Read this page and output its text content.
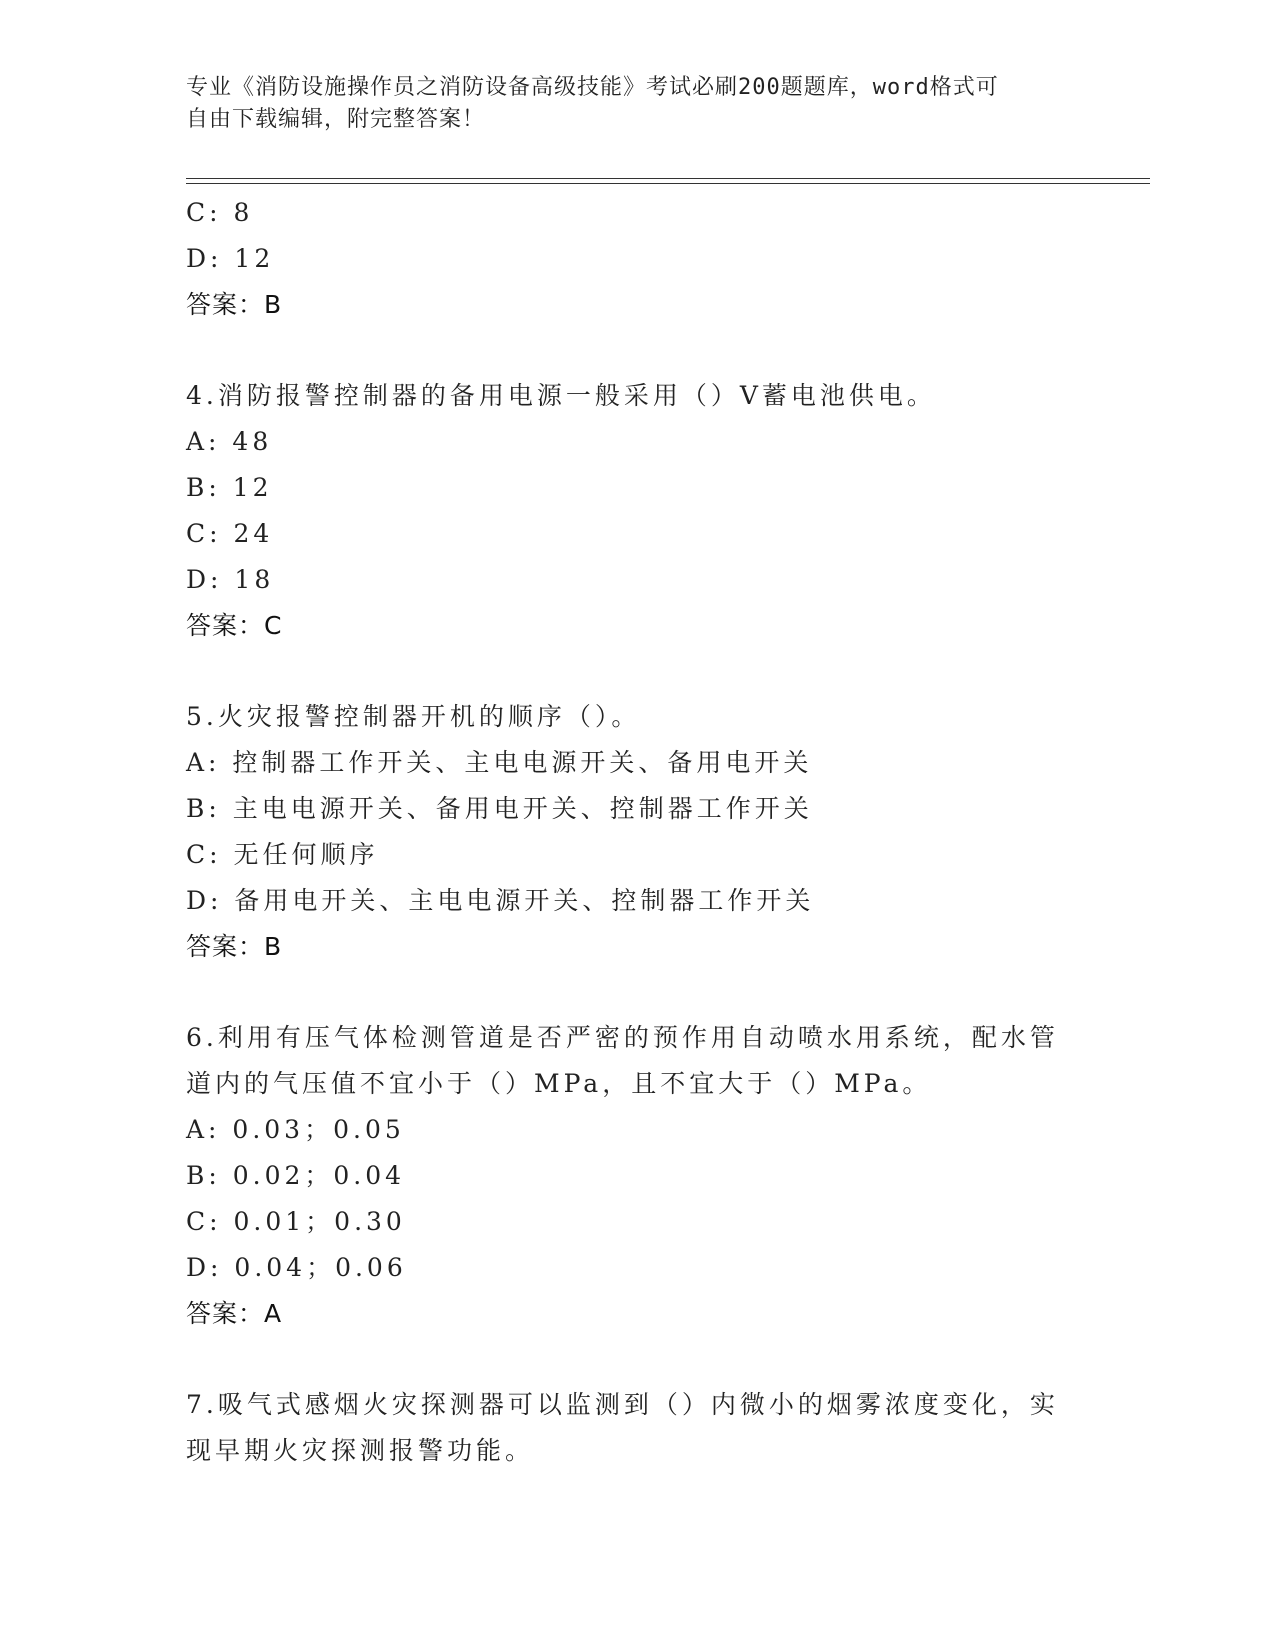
专业《消防设施操作员之消防设备高级技能》考试必刷200题题库，word格式可
自由下载编辑，附完整答案！
C: 8
D: 12
答案：B
4.消防报警控制器的备用电源一般采用（）V蓄电池供电。
A: 48
B: 12
C: 24
D: 18
答案：C
5.火灾报警控制器开机的顺序（）。
A: 控制器工作开关、主电电源开关、备用电开关
B: 主电电源开关、备用电开关、控制器工作开关
C: 无任何顺序
D: 备用电开关、主电电源开关、控制器工作开关
答案：B
6.利用有压气体检测管道是否严密的预作用自动喷水用系统，配水管
道内的气压值不宜小于（）MPa，且不宜大于（）MPa。
A: 0.03；0.05
B: 0.02；0.04
C: 0.01；0.30
D: 0.04；0.06
答案：A
7.吸气式感烟火灾探测器可以监测到（）内微小的烟雾浓度变化，实
现早期火灾探测报警功能。
